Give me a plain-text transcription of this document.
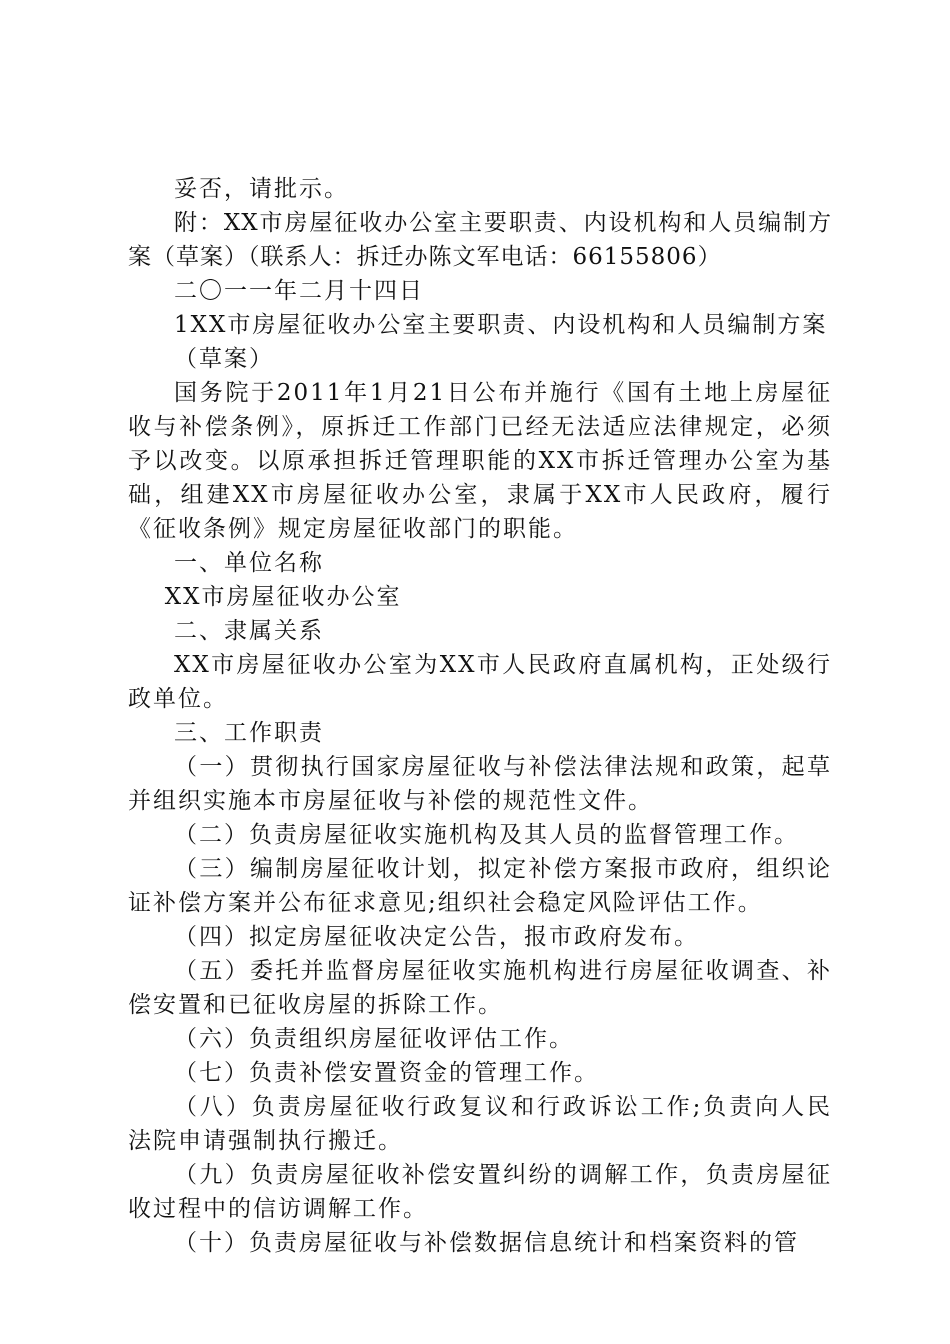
妥否，请批示。

附：XX市房屋征收办公室主要职责、内设机构和人员编制方案（草案）（联系人：拆迁办陈文军电话：66155806）

二〇一一年二月十四日

1XX市房屋征收办公室主要职责、内设机构和人员编制方案

（草案）

国务院于2011年1月21日公布并施行《国有土地上房屋征收与补偿条例》，原拆迁工作部门已经无法适应法律规定，必须予以改变。以原承担拆迁管理职能的XX市拆迁管理办公室为基础，组建XX市房屋征收办公室，隶属于XX市人民政府，履行《征收条例》规定房屋征收部门的职能。

一、单位名称

XX市房屋征收办公室

二、隶属关系

XX市房屋征收办公室为XX市人民政府直属机构，正处级行政单位。

三、工作职责

（一）贯彻执行国家房屋征收与补偿法律法规和政策，起草并组织实施本市房屋征收与补偿的规范性文件。

（二）负责房屋征收实施机构及其人员的监督管理工作。

（三）编制房屋征收计划，拟定补偿方案报市政府，组织论证补偿方案并公布征求意见;组织社会稳定风险评估工作。

（四）拟定房屋征收决定公告，报市政府发布。

（五）委托并监督房屋征收实施机构进行房屋征收调查、补偿安置和已征收房屋的拆除工作。

（六）负责组织房屋征收评估工作。

（七）负责补偿安置资金的管理工作。

（八）负责房屋征收行政复议和行政诉讼工作;负责向人民法院申请强制执行搬迁。

（九）负责房屋征收补偿安置纠纷的调解工作，负责房屋征收过程中的信访调解工作。

（十）负责房屋征收与补偿数据信息统计和档案资料的管
